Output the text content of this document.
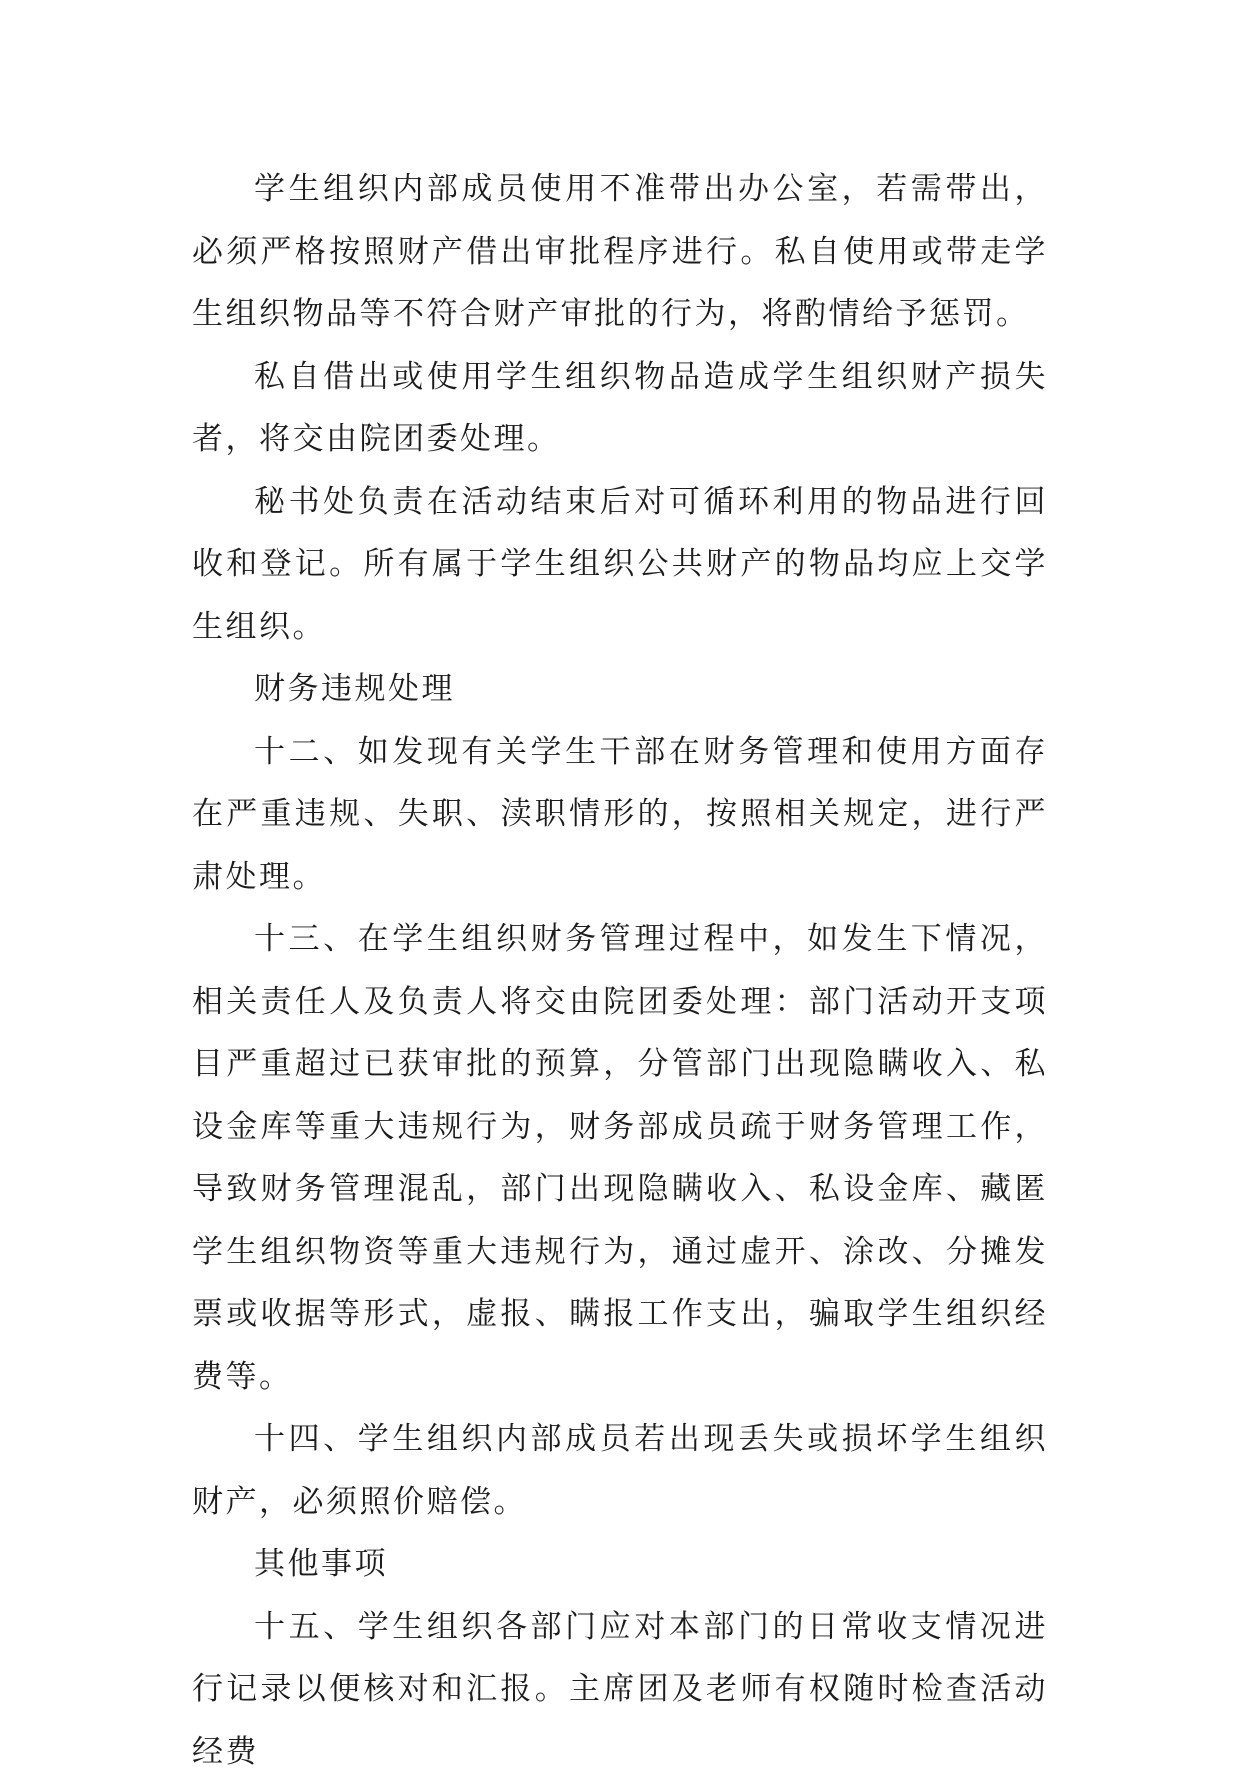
学生组织内部成员使用不准带出办公室，若需带出，必须严格按照财产借出审批程序进行。私自使用或带走学生组织物品等不符合财产审批的行为，将酌情给予惩罚。

私自借出或使用学生组织物品造成学生组织财产损失者，将交由院团委处理。

秘书处负责在活动结束后对可循环利用的物品进行回收和登记。所有属于学生组织公共财产的物品均应上交学生组织。

财务违规处理

十二、如发现有关学生干部在财务管理和使用方面存在严重违规、失职、渎职情形的，按照相关规定，进行严肃处理。

十三、在学生组织财务管理过程中，如发生下情况，相关责任人及负责人将交由院团委处理：部门活动开支项目严重超过已获审批的预算，分管部门出现隐瞒收入、私设金库等重大违规行为，财务部成员疏于财务管理工作，导致财务管理混乱，部门出现隐瞒收入、私设金库、藏匿学生组织物资等重大违规行为，通过虚开、涂改、分摊发票或收据等形式，虚报、瞒报工作支出，骗取学生组织经费等。

十四、学生组织内部成员若出现丢失或损坏学生组织财产，必须照价赔偿。

其他事项

十五、学生组织各部门应对本部门的日常收支情况进行记录以便核对和汇报。主席团及老师有权随时检查活动经费
